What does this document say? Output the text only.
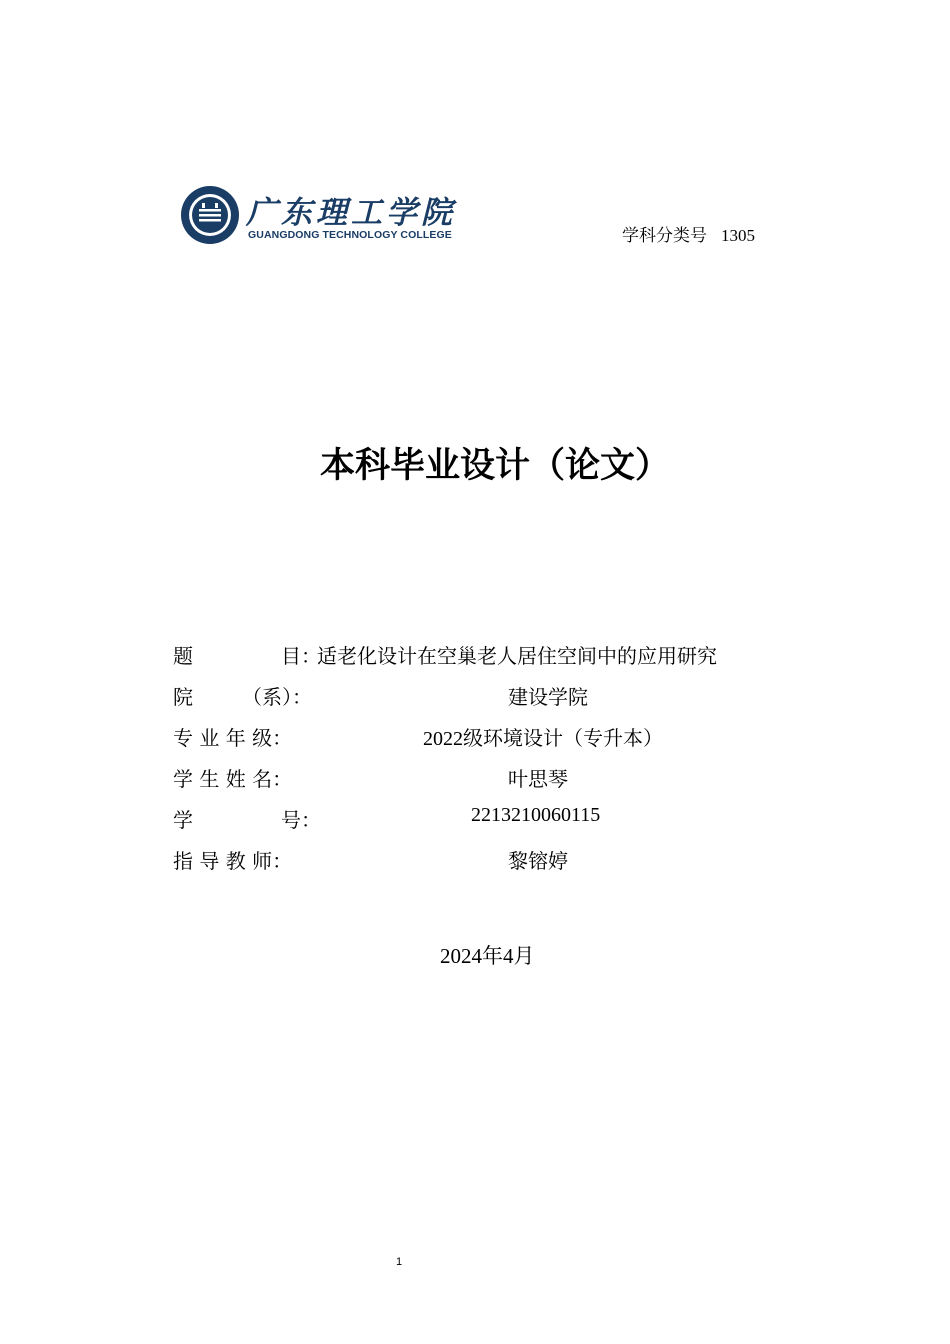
广东理工学院
GUANGDONG TECHNOLOGY COLLEGE	学科分类号 1305
本科毕业设计（论文）
题	目：
适老化设计在空巢老人居住空间中的应用研究
院 （系）：	建设学院
专 业 年 级：	2022级环境设计（专升本）
学 生 姓 名：	叶思琴
学	号：	2213210060115
指 导 教 师：	黎镕婷
2024年4月
1
